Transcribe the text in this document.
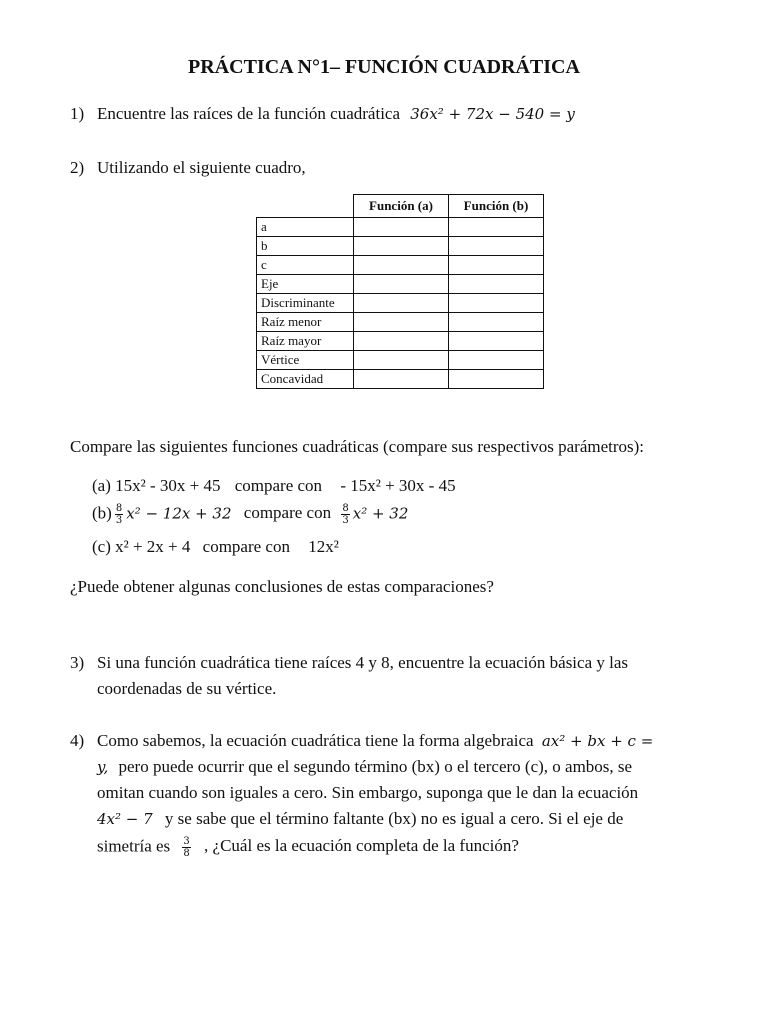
PRÁCTICA N°1– FUNCIÓN CUADRÁTICA
1) Encuentre las raíces de la función cuadrática 36x² + 72x − 540 = y
2) Utilizando el siguiente cuadro,
	Función (a)	Función (b)
a		
b		
c		
Eje		
Discriminante		
Raíz menor		
Raíz mayor		
Vértice		
Concavidad		
Compare las siguientes funciones cuadráticas (compare sus respectivos parámetros):
(a) 15x² - 30x + 45 compare con - 15x² + 30x - 45
$(b) \frac{8}{3} x^2 - 12x + 32$ compare con $\frac{8}{3} x^2 + 32$
(c) x² + 2x + 4 compare con 12x²
¿Puede obtener algunas conclusiones de estas comparaciones?
3) Si una función cuadrática tiene raíces 4 y 8, encuentre la ecuación básica y las
coordenadas de su vértice.
4) Como sabemos, la ecuación cuadrática tiene la forma algebraica ax² + bx + c =
y, pero puede ocurrir que el segundo término (bx) o el tercero (c), o ambos, se
omitan cuando son iguales a cero. Sin embargo, suponga que le dan la ecuación
4x² − 7 y se sabe que el término faltante (bx) no es igual a cero. Si el eje de
simetría es $\frac{3}{8}$ , ¿Cuál es la ecuación completa de la función?
